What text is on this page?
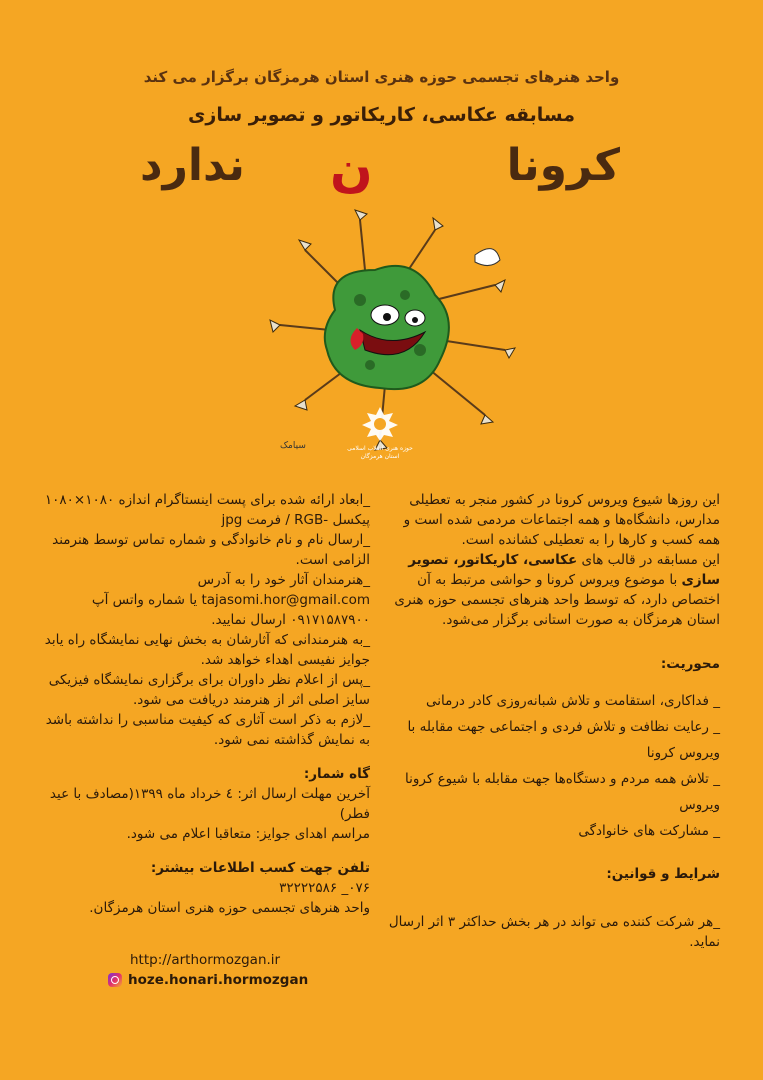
واحد هنرهای تجسمی حوزه هنری استان هرمزگان برگزار می کند
مسابقه عکاسی، کاریکاتور و تصویر سازی
کرونا
ن
ندارد
سیامک	حوزه هنری انقلاب اسلامی
استان هرمزگان

این روزها شیوع ویروس کرونا در کشور منجر به تعطیلی مدارس، دانشگاه‌ها و همه اجتماعات مردمی شده است و همه کسب و کارها را به تعطیلی کشانده است.

این مسابقه در قالب های عکاسی، کاریکاتور، تصویر سازی با موضوع ویروس کرونا و حواشی مرتبط به آن اختصاص دارد، که توسط واحد هنرهای تجسمی حوزه هنری استان هرمزگان به صورت استانی برگزار می‌شود.

محوریت:

_ فداکاری، استقامت و تلاش شبانه‌روزی کادر درمانی

_ رعایت نظافت و تلاش فردی و اجتماعی جهت مقابله با ویروس کرونا

_ تلاش همه مردم و دستگاه‌ها جهت مقابله با شیوع کرونا ویروس

_ مشارکت های خانوادگی

شرایط و قوانین:

_هر شرکت کننده می تواند در هر بخش حداکثر ۳ اثر ارسال نماید.

_ابعاد ارائه شده برای پست اینستاگرام اندازه ۱۰۸۰×۱۰۸۰ پیکسل -RGB / فرمت jpg

_ارسال نام و نام خانوادگی و شماره تماس توسط هنرمند الزامی است.

_هنرمندان آثار خود را به آدرس tajasomi.hor@gmail.com یا شماره واتس آپ ۰۹۱۷۱۵۸۷۹۰۰ ارسال نمایید.

_به هنرمندانی که آثارشان به بخش نهایی نمایشگاه راه یابد جوایز نفیسی اهداء خواهد شد.

_پس از اعلام نظر داوران برای برگزاری نمایشگاه فیزیکی سایز اصلی اثر از هنرمند دریافت می شود.

_لازم به ذکر است آثاری که کیفیت مناسبی را نداشته باشد به نمایش گذاشته نمی شود.

گاه شمار:

آخرین مهلت ارسال اثر: ٤ خرداد ماه ۱۳۹۹(مصادف با عید فطر)

مراسم اهدای جوایز: متعاقبا اعلام می شود.

تلفن جهت کسب اطلاعات بیشتر:

۰۷۶_ ۳۲۲۲۲۵۸۶

واحد هنرهای تجسمی حوزه هنری استان هرمزگان.

http://arthormozgan.ir
hoze.honari.hormozgan
